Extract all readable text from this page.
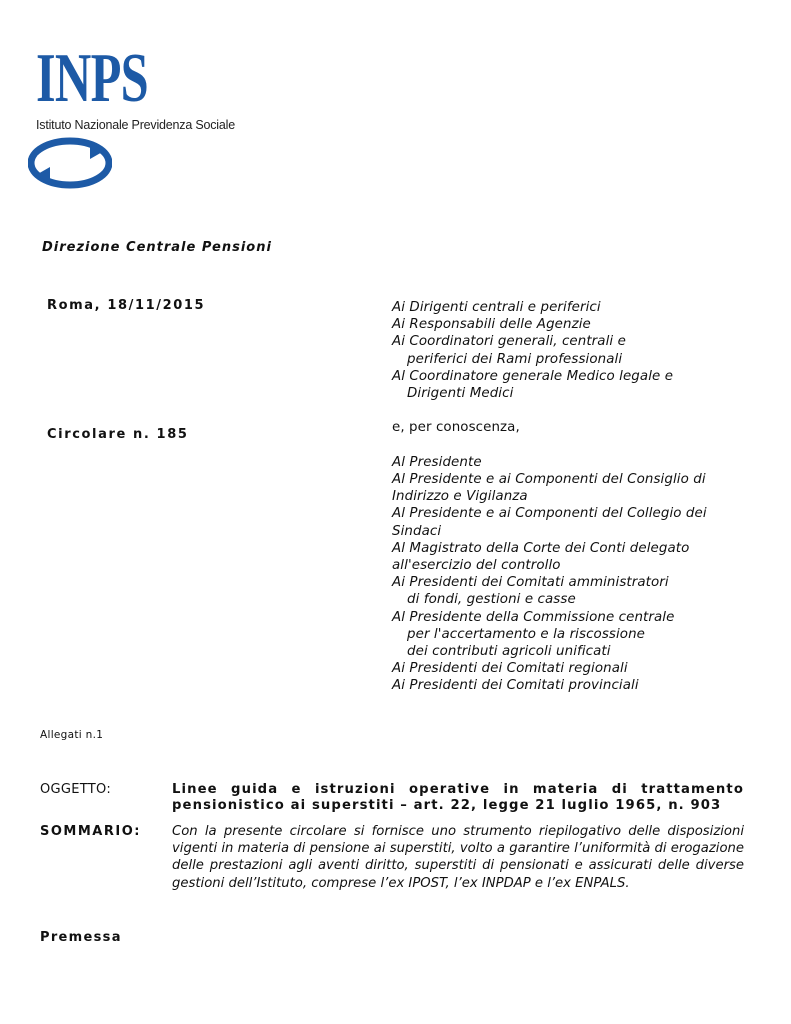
INPS
Istituto Nazionale Previdenza Sociale
Direzione Centrale Pensioni
Roma, 18/11/2015
Circolare n. 185
Ai Dirigenti centrali e periferici
Ai Responsabili delle Agenzie
Ai Coordinatori generali, centrali e
periferici dei Rami professionali
Al Coordinatore generale Medico legale e
Dirigenti Medici
e, per conoscenza,
Al Presidente
Al Presidente e ai Componenti del Consiglio di
Indirizzo e Vigilanza
Al Presidente e ai Componenti del Collegio dei
Sindaci
Al Magistrato della Corte dei Conti delegato
all'esercizio del controllo
Ai Presidenti dei Comitati amministratori
di fondi, gestioni e casse
Al Presidente della Commissione centrale
per l'accertamento e la riscossione
dei contributi agricoli unificati
Ai Presidenti dei Comitati regionali
Ai Presidenti dei Comitati provinciali
Allegati n.1
OGGETTO:	Linee guida e istruzioni operative in materia di trattamento pensionistico ai superstiti – art. 22, legge 21 luglio 1965, n. 903
SOMMARIO: Con la presente circolare si fornisce uno strumento riepilogativo delle disposizioni vigenti in materia di pensione ai superstiti, volto a garantire l’uniformità di erogazione delle prestazioni agli aventi diritto, superstiti di pensionati e assicurati delle diverse gestioni dell’Istituto, comprese l’ex IPOST, l’ex INPDAP e l’ex ENPALS.
Premessa
